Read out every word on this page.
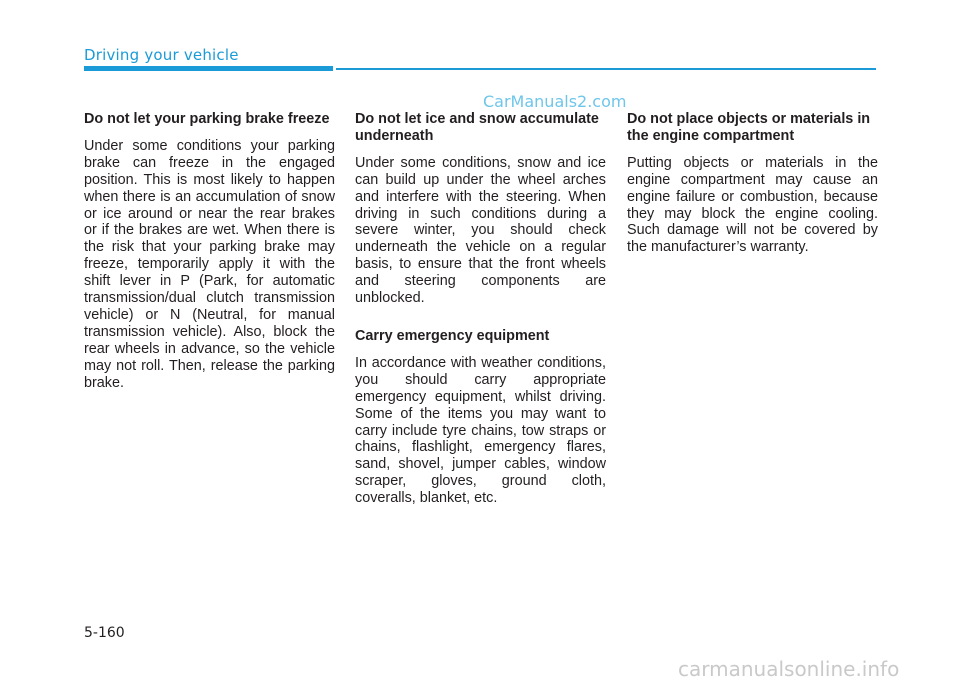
Driving your vehicle
CarManuals2.com
Do not let your parking brake freeze

Under some conditions your parking brake can freeze in the engaged position. This is most likely to happen when there is an accumulation of snow or ice around or near the rear brakes or if the brakes are wet. When there is the risk that your parking brake may freeze, temporarily apply it with the shift lever in P (Park, for automatic transmission/dual clutch transmission vehicle) or N (Neutral, for manual transmission vehicle). Also, block the rear wheels in advance, so the vehicle may not roll. Then, release the parking brake.

Do not let ice and snow accumulate underneath

Under some conditions, snow and ice can build up under the wheel arches and interfere with the steering. When driving in such conditions during a severe winter, you should check underneath the vehicle on a regular basis, to ensure that the front wheels and steering components are unblocked.

Carry emergency equipment

In accordance with weather conditions, you should carry appropriate emergency equipment, whilst driving. Some of the items you may want to carry include tyre chains, tow straps or chains, flashlight, emergency flares, sand, shovel, jumper cables, window scraper, gloves, ground cloth, coveralls, blanket, etc.

Do not place objects or materials in the engine compartment

Putting objects or materials in the engine compartment may cause an engine failure or combustion, because they may block the engine cooling. Such damage will not be covered by the manufacturer’s warranty.

5-160
carmanualsonline.info
